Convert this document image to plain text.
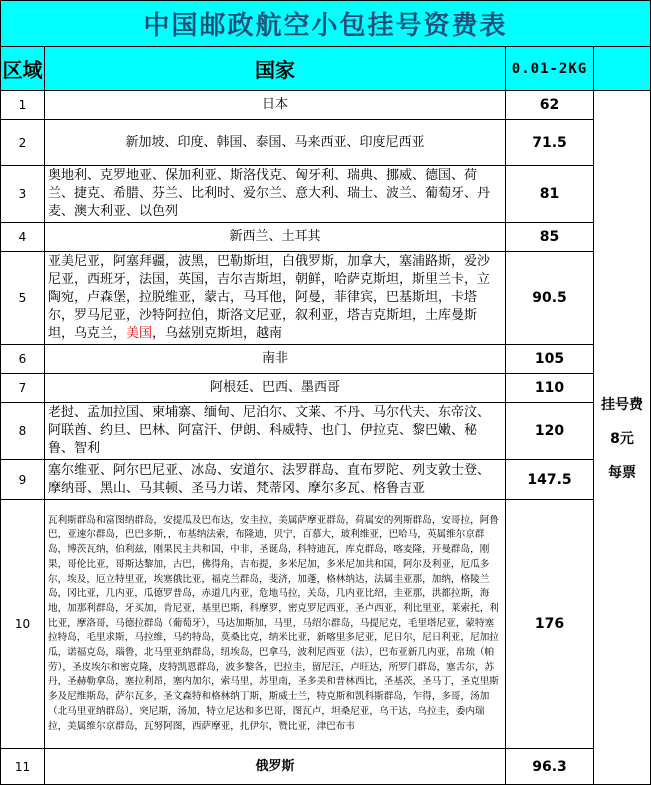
中国邮政航空小包挂号资费表			
区域	国家	0.01-2KG	
1	日本	62	挂号费
8元
每票

2	新加坡、印度、韩国、泰国、马来西亚、印度尼西亚	71.5	
3	奥地利、克罗地亚、保加利亚、斯洛伐克、匈牙利、瑞典、挪威、德国、荷兰、捷克、希腊、芬兰、比利时、爱尔兰、意大利、瑞士、波兰、葡萄牙、丹麦、澳大利亚、以色列	81	
4	新西兰、土耳其	85	
5	亚美尼亚，阿塞拜疆，波黑，巴勒斯坦，白俄罗斯，加拿大，塞浦路斯，爱沙尼亚，西班牙，法国，英国，吉尔吉斯坦，朝鲜，哈萨克斯坦，斯里兰卡，立陶宛，卢森堡，拉脱维亚，蒙古，马耳他，阿曼，菲律宾，巴基斯坦，卡塔尔，罗马尼亚，沙特阿拉伯，斯洛文尼亚，叙利亚，塔吉克斯坦，土库曼斯坦，乌克兰，美国，乌兹别克斯坦，越南	90.5	
6	南非	105	
7	阿根廷、巴西、墨西哥	110	
8	老挝、孟加拉国、柬埔寨、缅甸、尼泊尔、文莱、不丹、马尔代夫、东帝汶、阿联酋、约旦、巴林、阿富汗、伊朗、科威特、也门、伊拉克、黎巴嫩、秘鲁、智利	120	
9	塞尔维亚、阿尔巴尼亚、冰岛、安道尔、法罗群岛、直布罗陀、列支敦士登、摩纳哥、黑山、马其顿、圣马力诺、梵蒂冈、摩尔多瓦、格鲁吉亚	147.5	
10	瓦利斯群岛和富图纳群岛，安提瓜及巴布达，安圭拉，美属萨摩亚群岛，荷属安的列斯群岛，安哥拉，阿鲁巴，亚速尔群岛，巴巴多斯，，布基纳法索，布隆迪，贝宁，百慕大，玻利维亚，巴哈马，英属维尔京群岛，博茨瓦纳，伯利兹，刚果民主共和国，中非，圣诞岛，科特迪瓦，库克群岛，喀麦隆，开曼群岛，刚果，哥伦比亚，哥斯达黎加，古巴，佛得角，吉布提，多米尼加，多米尼加共和国，阿尔及利亚，厄瓜多尔，埃及，厄立特里亚，埃塞俄比亚，福克兰群岛，斐济，加蓬，格林纳达，法属圭亚那，加纳，格陵兰岛，冈比亚，几内亚，瓜德罗普岛，赤道几内亚，危地马拉，关岛，几内亚比绍，圭亚那，洪都拉斯，海地，加那利群岛，牙买加，肯尼亚，基里巴斯，科摩罗，密克罗尼西亚，圣卢西亚，利比里亚，莱索托，利比亚，摩洛哥，马德拉群岛（葡萄牙），马达加斯加，马里，马绍尔群岛，马提尼克，毛里塔尼亚，蒙特塞拉特岛，毛里求斯，马拉维，马约特岛，莫桑比克，纳米比亚，新喀里多尼亚，尼日尔，尼日利亚，尼加拉瓜，诺福克岛，瑙鲁，北马里亚纳群岛，纽埃岛，巴拿马，波利尼西亚（法），巴布亚新几内亚，帛琉（帕劳），圣皮埃尔和密克隆，皮特凯恩群岛，波多黎各，巴拉圭，留尼汪，卢旺达，所罗门群岛，塞舌尔，苏丹，圣赫勒拿岛，塞拉利昂，塞内加尔，索马里，苏里南，圣多美和普林西比，圣基茨，圣马丁，圣克里斯多及尼维斯岛，萨尔瓦多，圣文森特和格林纳丁斯，斯威士兰，特克斯和凯科斯群岛，乍得，多哥，汤加（北马里亚纳群岛），突尼斯，汤加，特立尼达和多巴哥，图瓦卢，坦桑尼亚，乌干达，乌拉圭，委内瑞拉，美属维尔京群岛，瓦努阿图，西萨摩亚，扎伊尔，赞比亚，津巴布韦	176	
11	俄罗斯	96.3	
